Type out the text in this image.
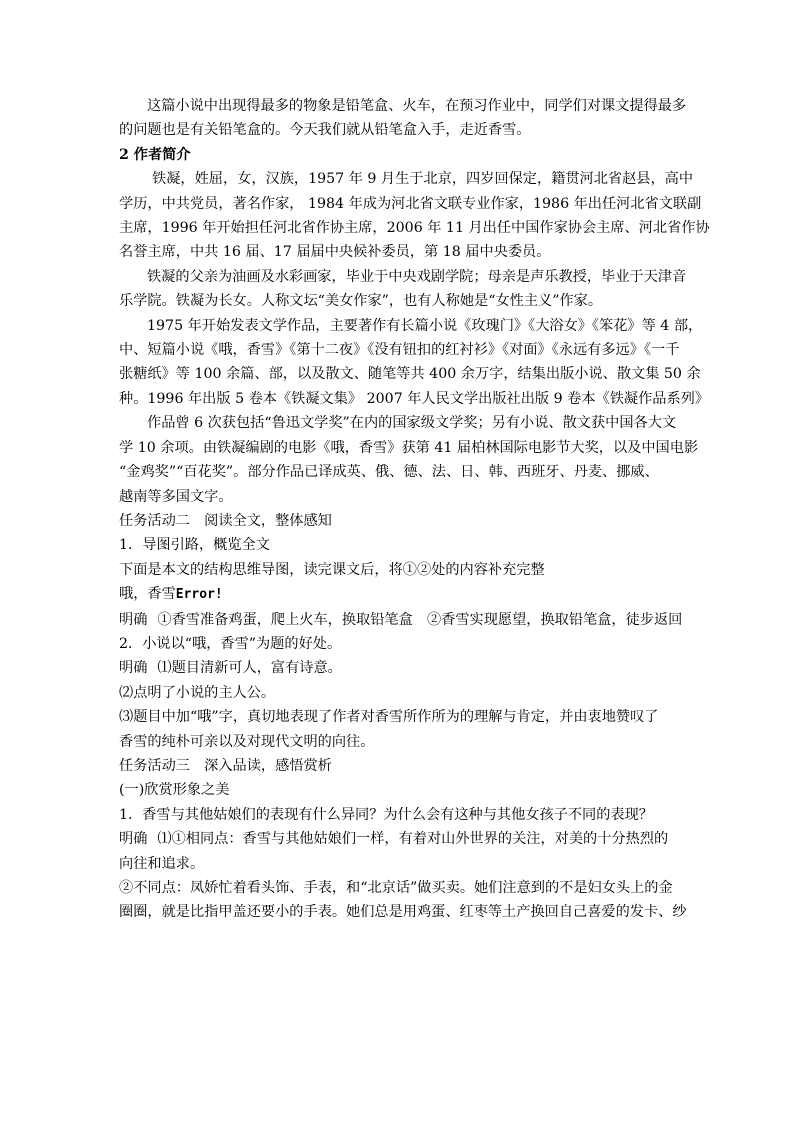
这篇小说中出现得最多的物象是铅笔盒、火车，在预习作业中，同学们对课文提得最多
的问题也是有关铅笔盒的。今天我们就从铅笔盒入手，走近香雪。
2 作者简介
铁凝，姓屈，女，汉族，1957 年 9 月生于北京，四岁回保定，籍贯河北省赵县，高中
学历，中共党员，著名作家， 1984 年成为河北省文联专业作家，1986 年出任河北省文联副
主席，1996 年开始担任河北省作协主席，2006 年 11 月出任中国作家协会主席、河北省作协
名誉主席，中共 16 届、17 届届中央候补委员，第 18 届中央委员。
铁凝的父亲为油画及水彩画家，毕业于中央戏剧学院；母亲是声乐教授，毕业于天津音
乐学院。铁凝为长女。人称文坛“美女作家”，也有人称她是“女性主义”作家。
1975 年开始发表文学作品，主要著作有长篇小说《玫瑰门》《大浴女》《笨花》等 4 部，
中、短篇小说《哦，香雪》《第十二夜》《没有钮扣的红衬衫》《对面》《永远有多远》《一千
张糖纸》等 100 余篇、部，以及散文、随笔等共 400 余万字，结集出版小说、散文集 50 余
种。1996 年出版 5 卷本《铁凝文集》 2007 年人民文学出版社出版 9 卷本《铁凝作品系列》
作品曾 6 次获包括“鲁迅文学奖”在内的国家级文学奖；另有小说、散文获中国各大文
学 10 余项。由铁凝编剧的电影《哦，香雪》获第 41 届柏林国际电影节大奖，以及中国电影
“金鸡奖”“百花奖”。部分作品已译成英、俄、德、法、日、韩、西班牙、丹麦、挪威、
越南等多国文字。
任务活动二　阅读全文，整体感知
1．导图引路，概览全文
下面是本文的结构思维导图，读完课文后，将①②处的内容补充完整
哦，香雪Error!
明确 ①香雪准备鸡蛋，爬上火车，换取铅笔盒　②香雪实现愿望，换取铅笔盒，徒步返回
2．小说以“哦，香雪”为题的好处。
明确 ⑴题目清新可人，富有诗意。
⑵点明了小说的主人公。
⑶题目中加“哦”字，真切地表现了作者对香雪所作所为的理解与肯定，并由衷地赞叹了
香雪的纯朴可亲以及对现代文明的向往。
任务活动三　深入品读，感悟赏析
(一)欣赏形象之美
1．香雪与其他姑娘们的表现有什么异同？为什么会有这种与其他女孩子不同的表现？
明确 ⑴①相同点：香雪与其他姑娘们一样，有着对山外世界的关注，对美的十分热烈的
向往和追求。
②不同点：凤娇忙着看头饰、手表，和“北京话”做买卖。她们注意到的不是妇女头上的金
圈圈，就是比指甲盖还要小的手表。她们总是用鸡蛋、红枣等土产换回自己喜爱的发卡、纱
